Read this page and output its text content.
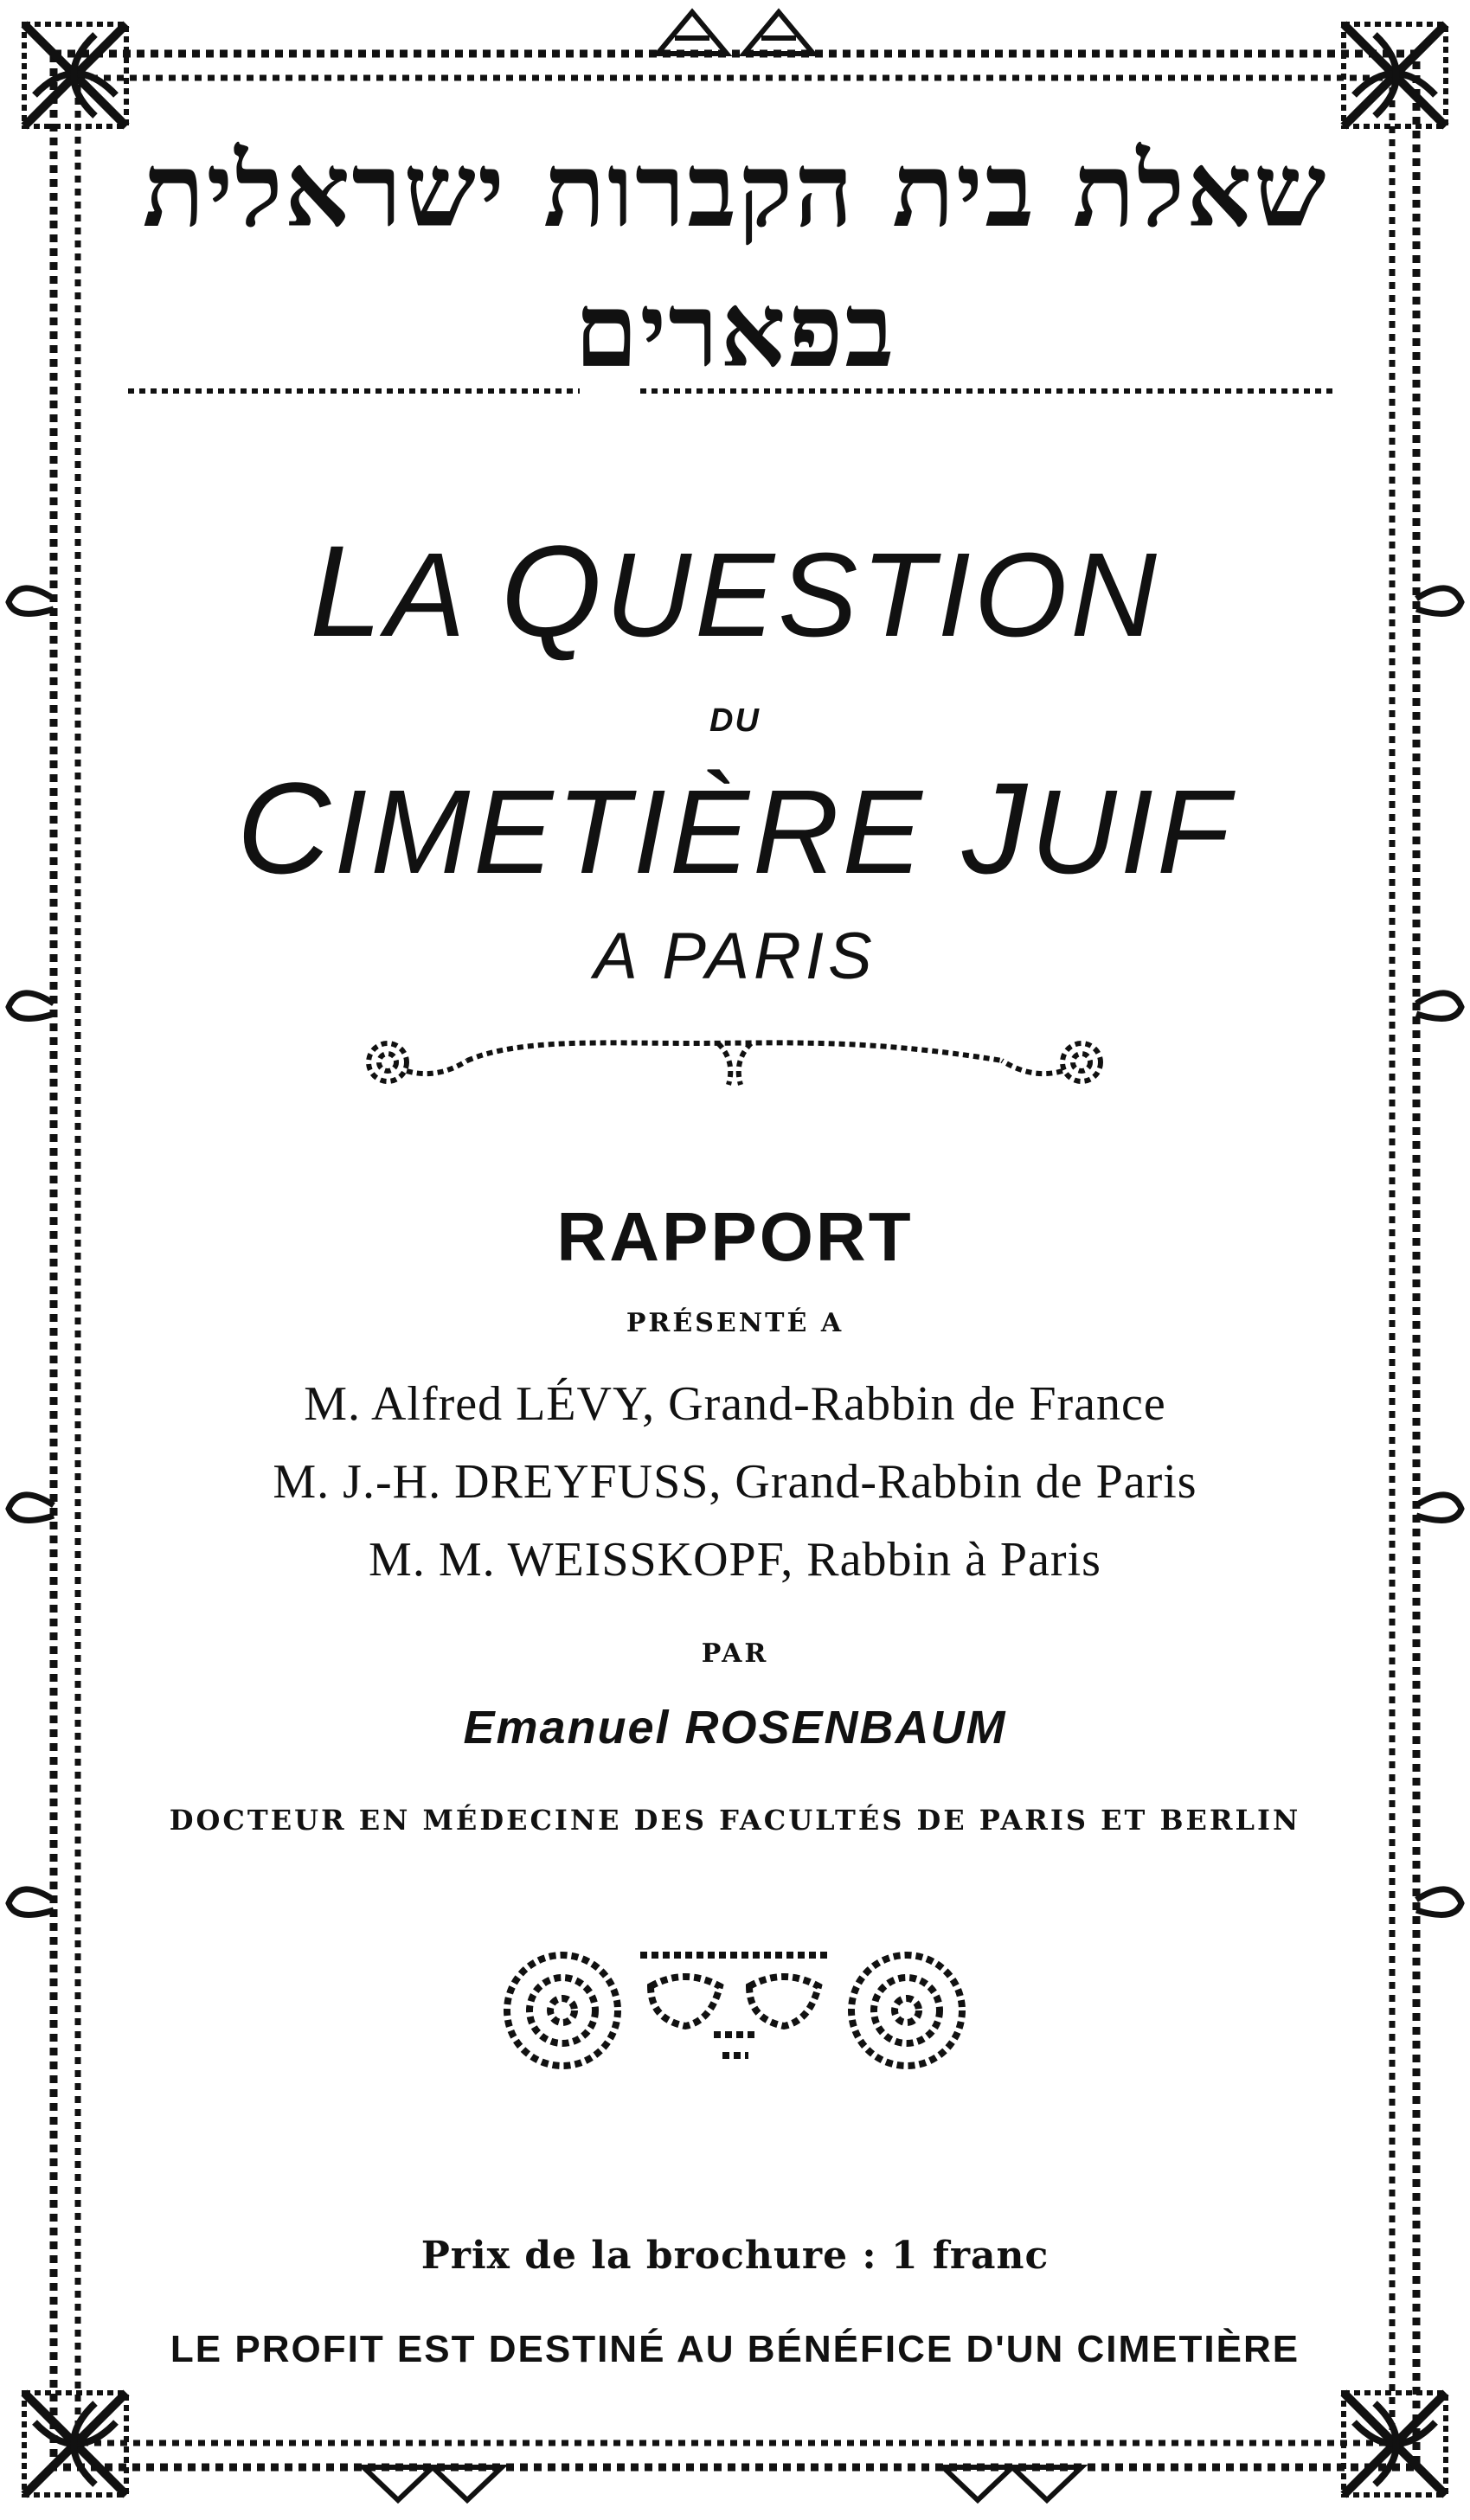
שאלת בית הקברות ישראלית

בפארים

LA QUESTION

DU

CIMETIÈRE JUIF

A PARIS

RAPPORT

PRÉSENTÉ A

M. Alfred LÉVY, Grand-Rabbin de France

M. J.-H. DREYFUSS, Grand-Rabbin de Paris

M. M. WEISSKOPF, Rabbin à Paris

PAR

Emanuel ROSENBAUM

DOCTEUR EN MÉDECINE DES FACULTÉS DE PARIS ET BERLIN

Prix de la brochure : 1 franc

LE PROFIT EST DESTINÉ AU BÉNÉFICE D'UN CIMETIÈRE
